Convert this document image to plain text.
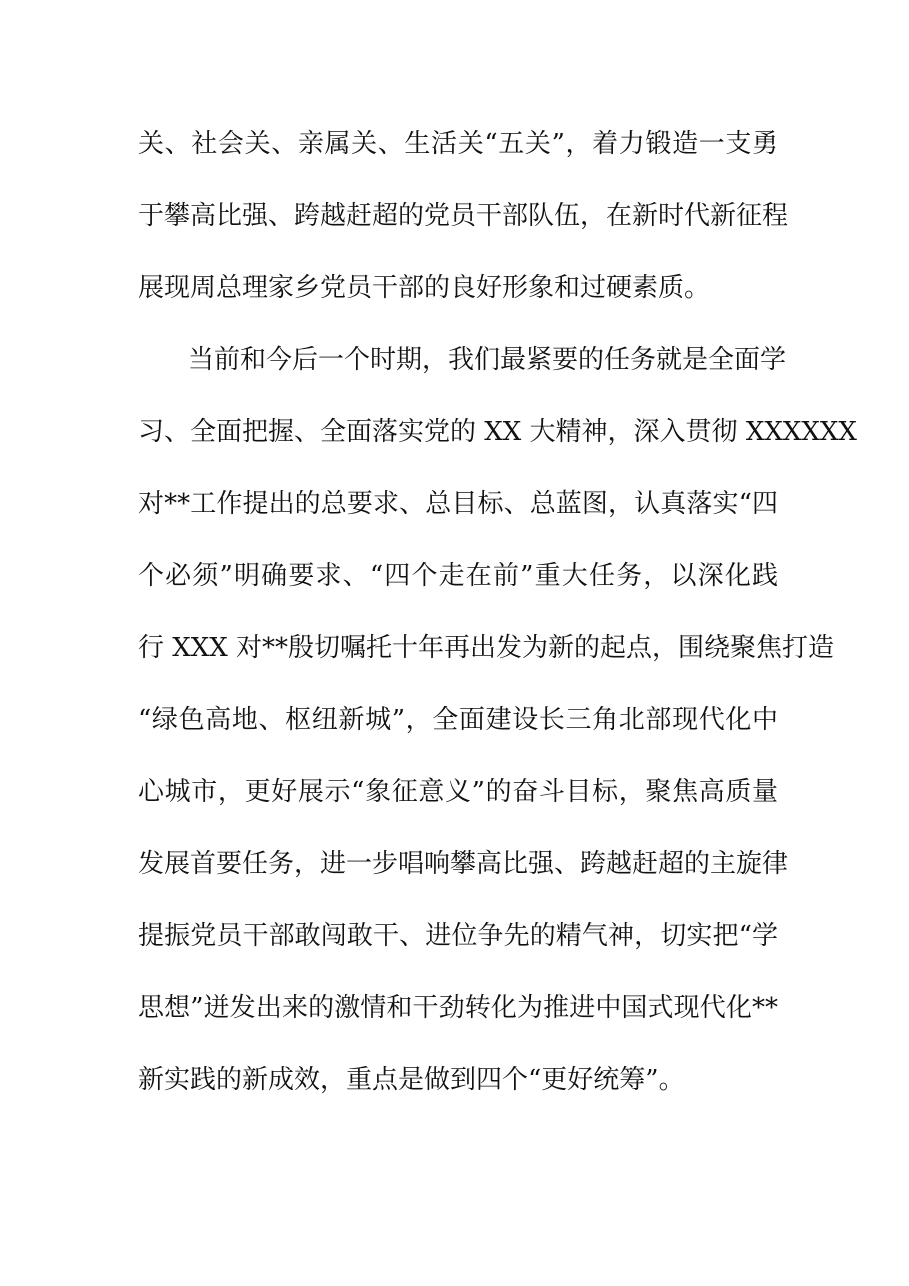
关、社会关、亲属关、生活关“五关”，着力锻造一支勇
于攀高比强、跨越赶超的党员干部队伍，在新时代新征程
展现周总理家乡党员干部的良好形象和过硬素质。
当前和今后一个时期，我们最紧要的任务就是全面学
习、全面把握、全面落实党的 XX 大精神，深入贯彻 XXXXXX
对**工作提出的总要求、总目标、总蓝图，认真落实“四
个必须”明确要求、“四个走在前”重大任务，以深化践
行 XXX 对**殷切嘱托十年再出发为新的起点，围绕聚焦打造
“绿色高地、枢纽新城”，全面建设长三角北部现代化中
心城市，更好展示“象征意义”的奋斗目标，聚焦高质量
发展首要任务，进一步唱响攀高比强、跨越赶超的主旋律
提振党员干部敢闯敢干、进位争先的精气神，切实把“学
思想”迸发出来的激情和干劲转化为推进中国式现代化**
新实践的新成效，重点是做到四个“更好统筹”。
